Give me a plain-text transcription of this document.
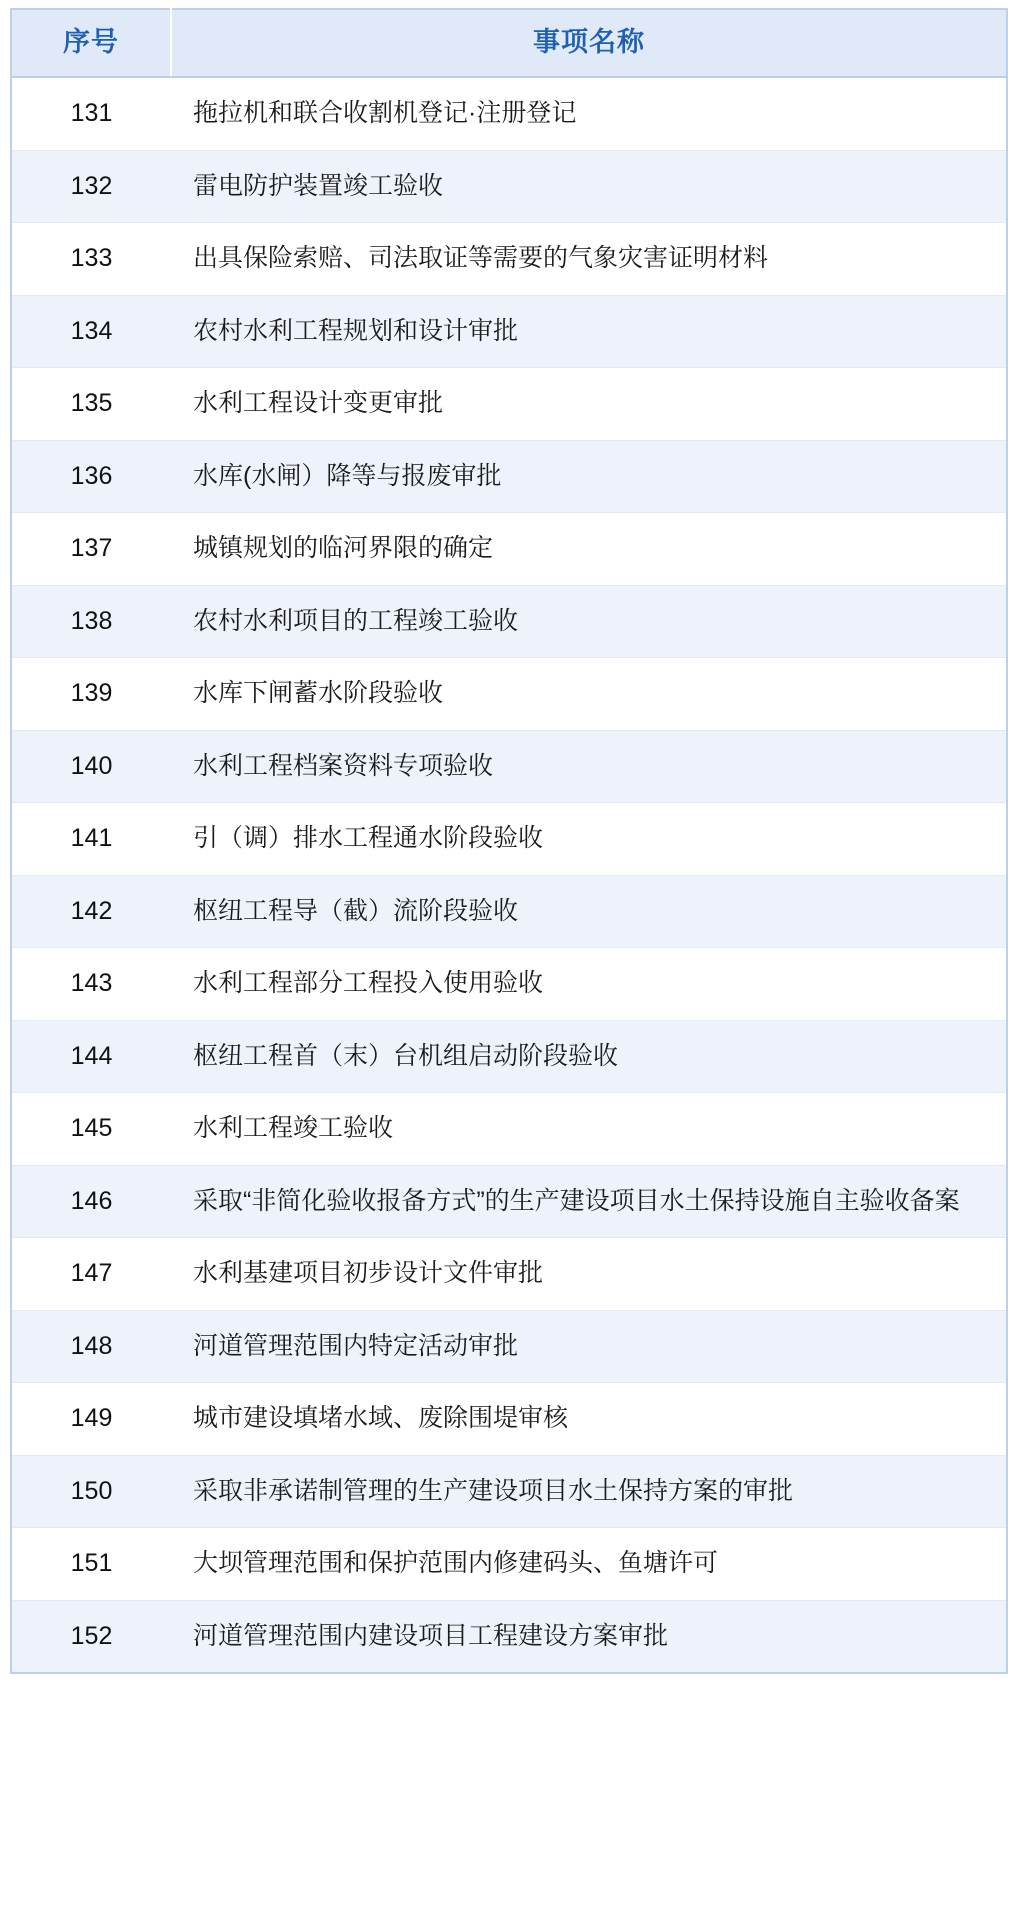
序号	事项名称
131	拖拉机和联合收割机登记·注册登记
132	雷电防护装置竣工验收
133	出具保险索赔、司法取证等需要的气象灾害证明材料
134	农村水利工程规划和设计审批
135	水利工程设计变更审批
136	水库(水闸）降等与报废审批
137	城镇规划的临河界限的确定
138	农村水利项目的工程竣工验收
139	水库下闸蓄水阶段验收
140	水利工程档案资料专项验收
141	引（调）排水工程通水阶段验收
142	枢纽工程导（截）流阶段验收
143	水利工程部分工程投入使用验收
144	枢纽工程首（末）台机组启动阶段验收
145	水利工程竣工验收
146	采取“非简化验收报备方式”的生产建设项目水土保持设施自主验收备案
147	水利基建项目初步设计文件审批
148	河道管理范围内特定活动审批
149	城市建设填堵水域、废除围堤审核
150	采取非承诺制管理的生产建设项目水土保持方案的审批
151	大坝管理范围和保护范围内修建码头、鱼塘许可
152	河道管理范围内建设项目工程建设方案审批
